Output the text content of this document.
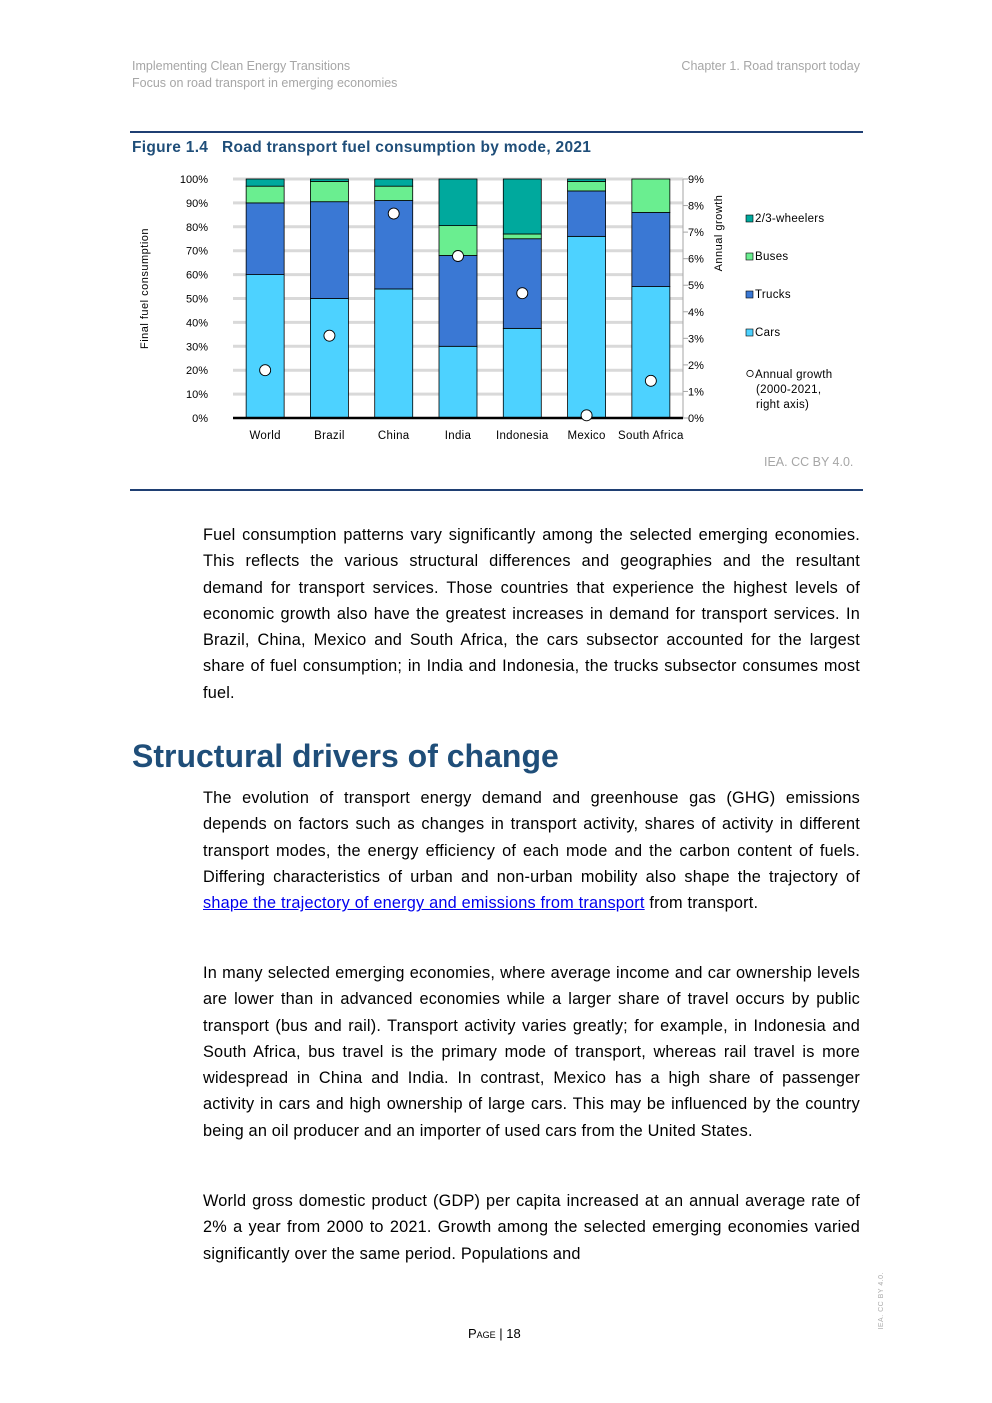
Implementing Clean Energy Transitions
Focus on road transport in emerging economies
Chapter 1. Road transport today
Figure 1.4   Road transport fuel consumption by mode, 2021
0%
10%
20%
30%
40%
50%
60%
70%
80%
90%
100%
0%
1%
2%
3%
4%
5%
6%
7%
8%
9%
Final fuel consumption	Annual growth
World	Brazil	China	India Indonesia Mexico South Africa
2/3-wheelers
Buses
Trucks
Cars
Annual growth
(2000-2021,
right axis)
IEA. CC BY 4.0.
Fuel consumption patterns vary significantly among the selected emerging economies. This reflects the various structural differences and geographies and the resultant demand for transport services. Those countries that experience the highest levels of economic growth also have the greatest increases in demand for transport services. In Brazil, China, Mexico and South Africa, the cars subsector accounted for the largest share of fuel consumption; in India and Indonesia, the trucks subsector consumes most fuel.
Structural drivers of change
The evolution of transport energy demand and greenhouse gas (GHG) emissions depends on factors such as changes in transport activity, shares of activity in different transport modes, the energy efficiency of each mode and the carbon content of fuels. Differing characteristics of urban and non-urban mobility also shape the trajectory of shape the trajectory of energy and emissions from transport from transport.
In many selected emerging economies, where average income and car ownership levels are lower than in advanced economies while a larger share of travel occurs by public transport (bus and rail). Transport activity varies greatly; for example, in Indonesia and South Africa, bus travel is the primary mode of transport, whereas rail travel is more widespread in China and India. In contrast, Mexico has a high share of passenger activity in cars and high ownership of large cars. This may be influenced by the country being an oil producer and an importer of used cars from the United States.
World gross domestic product (GDP) per capita increased at an annual average rate of 2% a year from 2000 to 2021. Growth among the selected emerging economies varied significantly over the same period. Populations and
Page | 18
IEA. CC BY 4.0.
